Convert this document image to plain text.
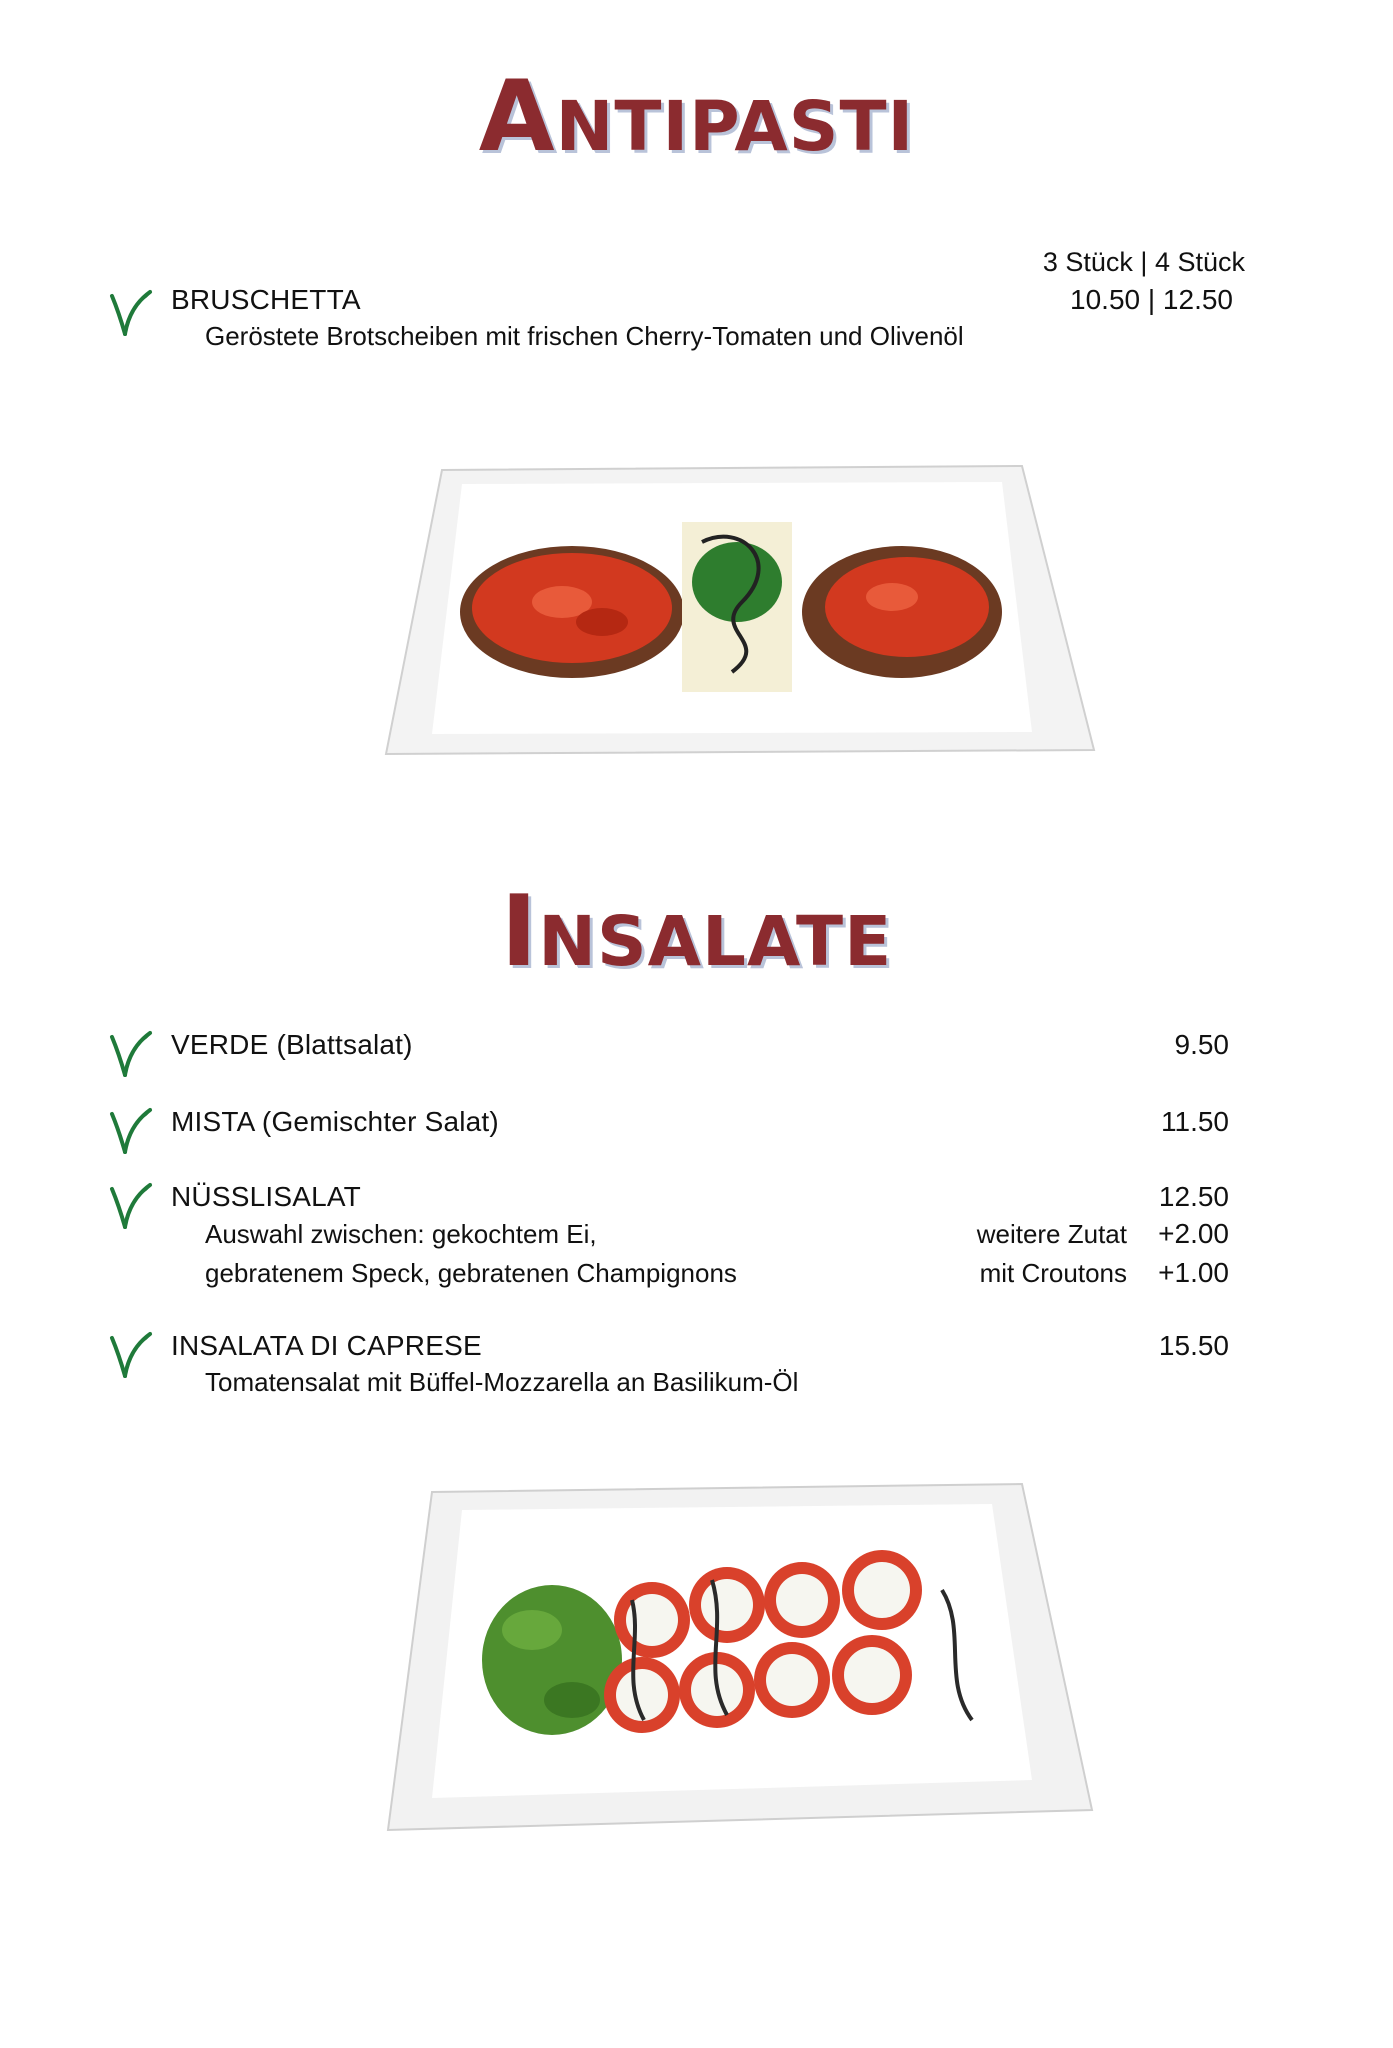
Antipasti
3 Stück | 4 Stück
BRUSCHETTA	10.50 | 12.50
Geröstete Brotscheiben mit frischen Cherry-Tomaten und Olivenöl
Insalate
VERDE (Blattsalat)	9.50
MISTA (Gemischter Salat)	11.50
NÜSSLISALAT	12.50
Auswahl zwischen: gekochtem Ei,
gebratenem Speck, gebratenen Champignons
weitere Zutat +2.00
mit Croutons +1.00
INSALATA DI CAPRESE	15.50
Tomatensalat mit Büffel-Mozzarella an Basilikum-Öl
